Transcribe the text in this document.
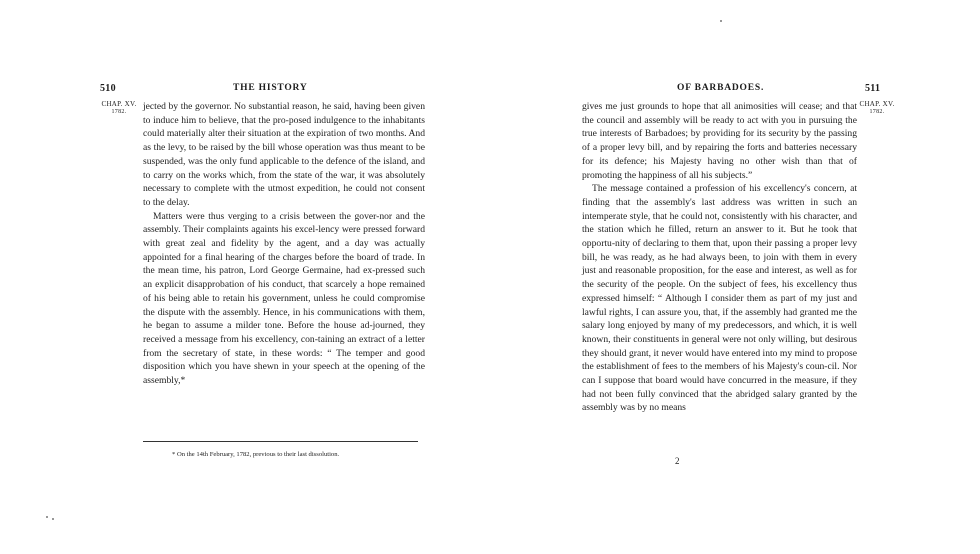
510	THE HISTORY
CHAP. XV.
1782.	jected by the governor. No substantial reason, he said, having been given to induce him to believe, that the pro-posed indulgence to the inhabitants could materially alter their situation at the expiration of two months. And as the levy, to be raised by the bill whose operation was thus meant to be suspended, was the only fund applicable to the defence of the island, and to carry on the works which, from the state of the war, it was absolutely necessary to complete with the utmost expedition, he could not consent to the delay.

Matters were thus verging to a crisis between the gover-nor and the assembly. Their complaints againts his excel-lency were pressed forward with great zeal and fidelity by the agent, and a day was actually appointed for a final hearing of the charges before the board of trade. In the mean time, his patron, Lord George Germaine, had ex-pressed such an explicit disapprobation of his conduct, that scarcely a hope remained of his being able to retain his government, unless he could compromise the dispute with the assembly. Hence, in his communications with them, he began to assume a milder tone. Before the house ad-journed, they received a message from his excellency, con-taining an extract of a letter from the secretary of state, in these words: “ The temper and good disposition which you have shewn in your speech at the opening of the assembly,*

* On the 14th February, 1782, previous to their last dissolution.
OF BARBADOES.	511

gives me just grounds to hope that all animosities will cease; and that the council and assembly will be ready to act with you in pursuing the true interests of Barbadoes; by providing for its security by the passing of a proper levy bill, and by repairing the forts and batteries necessary for its defence; his Majesty having no other wish than that of promoting the happiness of all his subjects.”

The message contained a profession of his excellency's concern, at finding that the assembly's last address was written in such an intemperate style, that he could not, consistently with his character, and the station which he filled, return an answer to it. But he took that opportu-nity of declaring to them that, upon their passing a proper levy bill, he was ready, as he had always been, to join with them in every just and reasonable proposition, for the ease and interest, as well as for the security of the people. On the subject of fees, his excellency thus expressed himself: “ Although I consider them as part of my just and lawful rights, I can assure you, that, if the assembly had granted me the salary long enjoyed by many of my predecessors, and which, it is well known, their constituents in general were not only willing, but desirous they should grant, it never would have entered into my mind to propose the establishment of fees to the members of his Majesty's coun-cil. Nor can I suppose that board would have concurred in the measure, if they had not been fully convinced that the abridged salary granted by the assembly was by no means

CHAP. XV.
1782.
2
